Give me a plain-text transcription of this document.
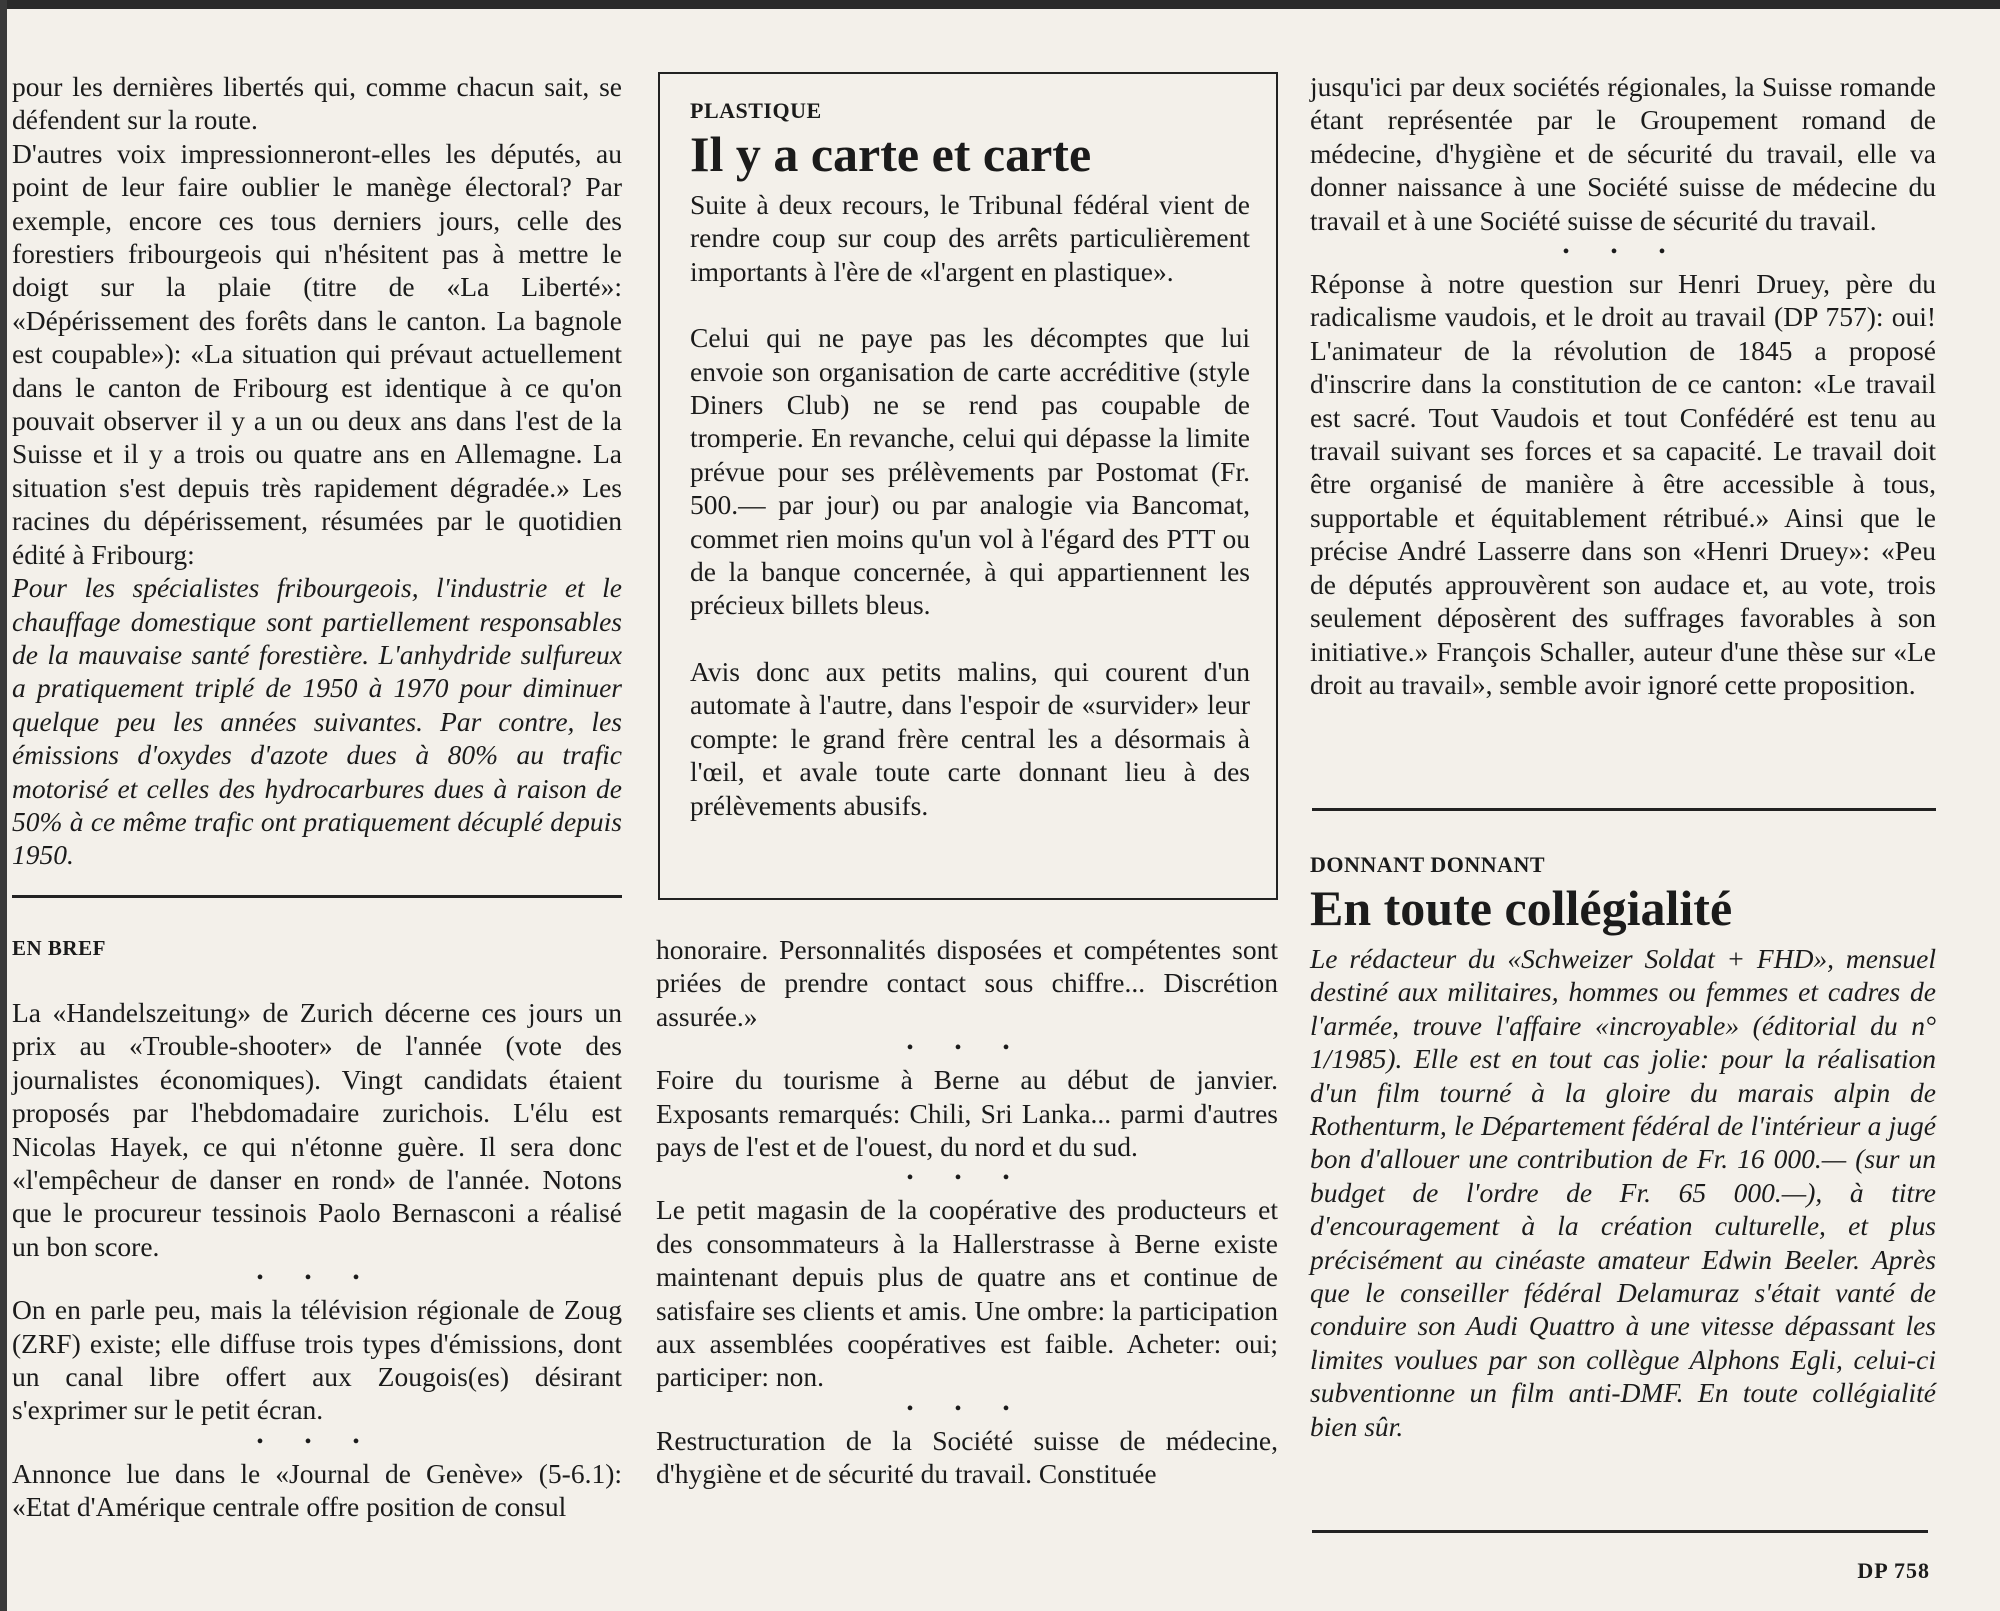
pour les dernières libertés qui, comme chacun sait, se défendent sur la route.

D'autres voix impressionneront-elles les députés, au point de leur faire oublier le manège électoral? Par exemple, encore ces tous derniers jours, celle des forestiers fribourgeois qui n'hésitent pas à mettre le doigt sur la plaie (titre de «La Liberté»: «Dépérissement des forêts dans le canton. La bagnole est coupable»): «La situation qui prévaut actuellement dans le canton de Fribourg est identique à ce qu'on pouvait observer il y a un ou deux ans dans l'est de la Suisse et il y a trois ou quatre ans en Allemagne. La situation s'est depuis très rapidement dégradée.» Les racines du dépérissement, résumées par le quotidien édité à Fribourg:

Pour les spécialistes fribourgeois, l'industrie et le chauffage domestique sont partiellement responsables de la mauvaise santé forestière. L'anhydride sulfureux a pratiquement triplé de 1950 à 1970 pour diminuer quelque peu les années suivantes. Par contre, les émissions d'oxydes d'azote dues à 80% au trafic motorisé et celles des hydrocarbures dues à raison de 50% à ce même trafic ont pratiquement décuplé depuis 1950.

EN BREF

La «Handelszeitung» de Zurich décerne ces jours un prix au «Trouble-shooter» de l'année (vote des journalistes économiques). Vingt candidats étaient proposés par l'hebdomadaire zurichois. L'élu est Nicolas Hayek, ce qui n'étonne guère. Il sera donc «l'empêcheur de danser en rond» de l'année. Notons que le procureur tessinois Paolo Bernasconi a réalisé un bon score.

• • •

On en parle peu, mais la télévision régionale de Zoug (ZRF) existe; elle diffuse trois types d'émissions, dont un canal libre offert aux Zougois(es) désirant s'exprimer sur le petit écran.

• • •

Annonce lue dans le «Journal de Genève» (5-6.1): «Etat d'Amérique centrale offre position de consul

PLASTIQUE
Il y a carte et carte

Suite à deux recours, le Tribunal fédéral vient de rendre coup sur coup des arrêts particulièrement importants à l'ère de «l'argent en plastique».

Celui qui ne paye pas les décomptes que lui envoie son organisation de carte accréditive (style Diners Club) ne se rend pas coupable de tromperie. En revanche, celui qui dépasse la limite prévue pour ses prélèvements par Postomat (Fr. 500.— par jour) ou par analogie via Bancomat, commet rien moins qu'un vol à l'égard des PTT ou de la banque concernée, à qui appartiennent les précieux billets bleus.

Avis donc aux petits malins, qui courent d'un automate à l'autre, dans l'espoir de «survider» leur compte: le grand frère central les a désormais à l'œil, et avale toute carte donnant lieu à des prélèvements abusifs.

honoraire. Personnalités disposées et compétentes sont priées de prendre contact sous chiffre... Discrétion assurée.»

• • •

Foire du tourisme à Berne au début de janvier. Exposants remarqués: Chili, Sri Lanka... parmi d'autres pays de l'est et de l'ouest, du nord et du sud.

• • •

Le petit magasin de la coopérative des producteurs et des consommateurs à la Hallerstrasse à Berne existe maintenant depuis plus de quatre ans et continue de satisfaire ses clients et amis. Une ombre: la participation aux assemblées coopératives est faible. Acheter: oui; participer: non.

• • •

Restructuration de la Société suisse de médecine, d'hygiène et de sécurité du travail. Constituée

jusqu'ici par deux sociétés régionales, la Suisse romande étant représentée par le Groupement romand de médecine, d'hygiène et de sécurité du travail, elle va donner naissance à une Société suisse de médecine du travail et à une Société suisse de sécurité du travail.

• • •

Réponse à notre question sur Henri Druey, père du radicalisme vaudois, et le droit au travail (DP 757): oui! L'animateur de la révolution de 1845 a proposé d'inscrire dans la constitution de ce canton: «Le travail est sacré. Tout Vaudois et tout Confédéré est tenu au travail suivant ses forces et sa capacité. Le travail doit être organisé de manière à être accessible à tous, supportable et équitablement rétribué.» Ainsi que le précise André Lasserre dans son «Henri Druey»: «Peu de députés approuvèrent son audace et, au vote, trois seulement déposèrent des suffrages favorables à son initiative.» François Schaller, auteur d'une thèse sur «Le droit au travail», semble avoir ignoré cette proposition.

DONNANT DONNANT
En toute collégialité

Le rédacteur du «Schweizer Soldat + FHD», mensuel destiné aux militaires, hommes ou femmes et cadres de l'armée, trouve l'affaire «incroyable» (éditorial du n° 1/1985). Elle est en tout cas jolie: pour la réalisation d'un film tourné à la gloire du marais alpin de Rothenturm, le Département fédéral de l'intérieur a jugé bon d'allouer une contribution de Fr. 16 000.— (sur un budget de l'ordre de Fr. 65 000.—), à titre d'encouragement à la création culturelle, et plus précisément au cinéaste amateur Edwin Beeler. Après que le conseiller fédéral Delamuraz s'était vanté de conduire son Audi Quattro à une vitesse dépassant les limites voulues par son collègue Alphons Egli, celui-ci subventionne un film anti-DMF. En toute collégialité bien sûr.

DP 758
